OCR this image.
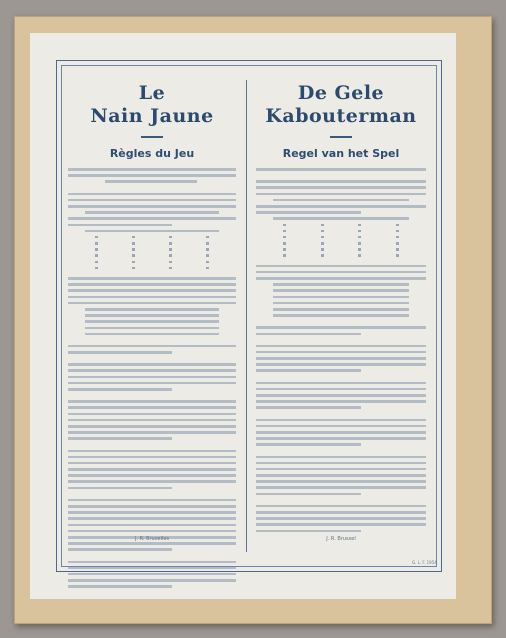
Le
Nain Jaune
Règles du Jeu
De Gele
Kabouterman
Regel van het Spel
J. R. Bruxelles	J. R. Brussel
G. L. F. 1954
